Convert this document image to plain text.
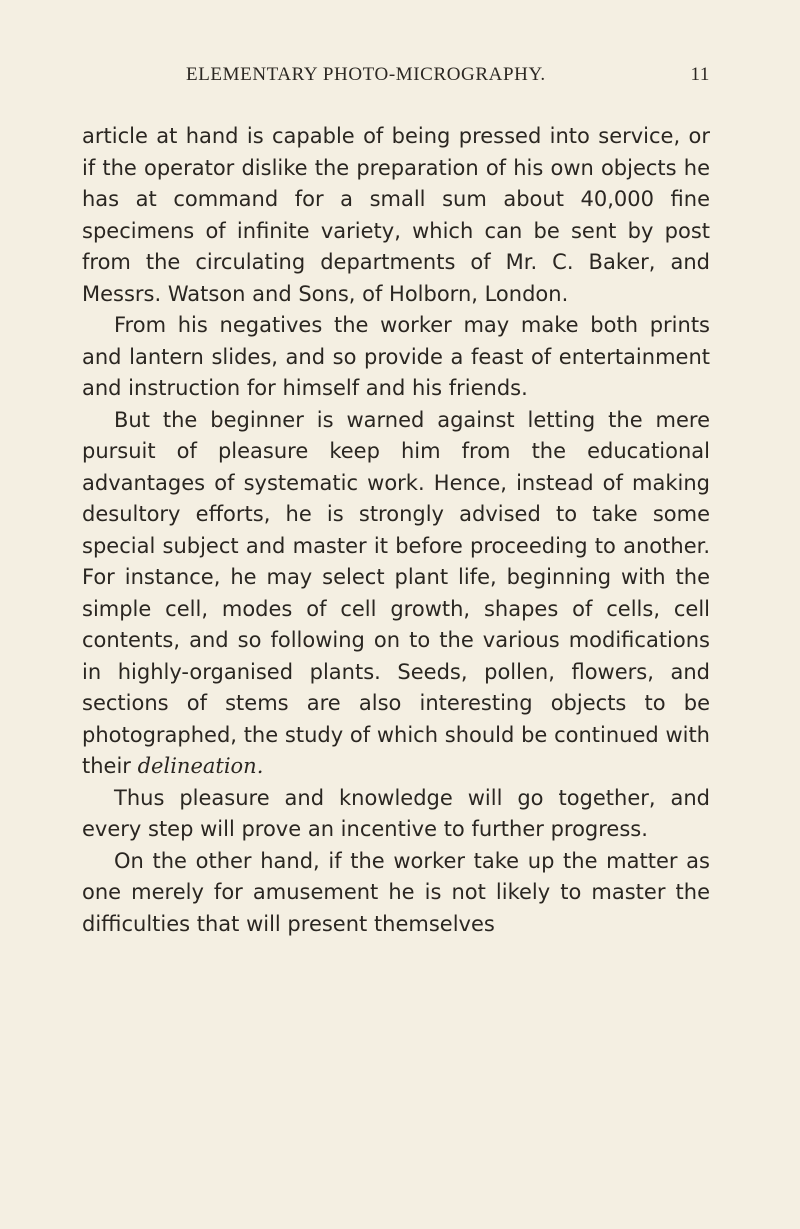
ELEMENTARY PHOTO-MICROGRAPHY.	11

article at hand is capable of being pressed into service, or if the operator dislike the preparation of his own objects he has at command for a small sum about 40,000 fine specimens of infinite variety, which can be sent by post from the circulating departments of Mr. C. Baker, and Messrs. Watson and Sons, of Holborn, London.

From his negatives the worker may make both prints and lantern slides, and so provide a feast of entertainment and instruction for himself and his friends.

But the beginner is warned against letting the mere pursuit of pleasure keep him from the educational advantages of systematic work. Hence, instead of making desultory efforts, he is strongly advised to take some special subject and master it before proceeding to another. For instance, he may select plant life, beginning with the simple cell, modes of cell growth, shapes of cells, cell contents, and so following on to the various modifications in highly-organised plants. Seeds, pollen, flowers, and sections of stems are also interesting objects to be photographed, the study of which should be continued with their delineation.

Thus pleasure and knowledge will go together, and every step will prove an incentive to further progress.

On the other hand, if the worker take up the matter as one merely for amusement he is not likely to master the difficulties that will present themselves
